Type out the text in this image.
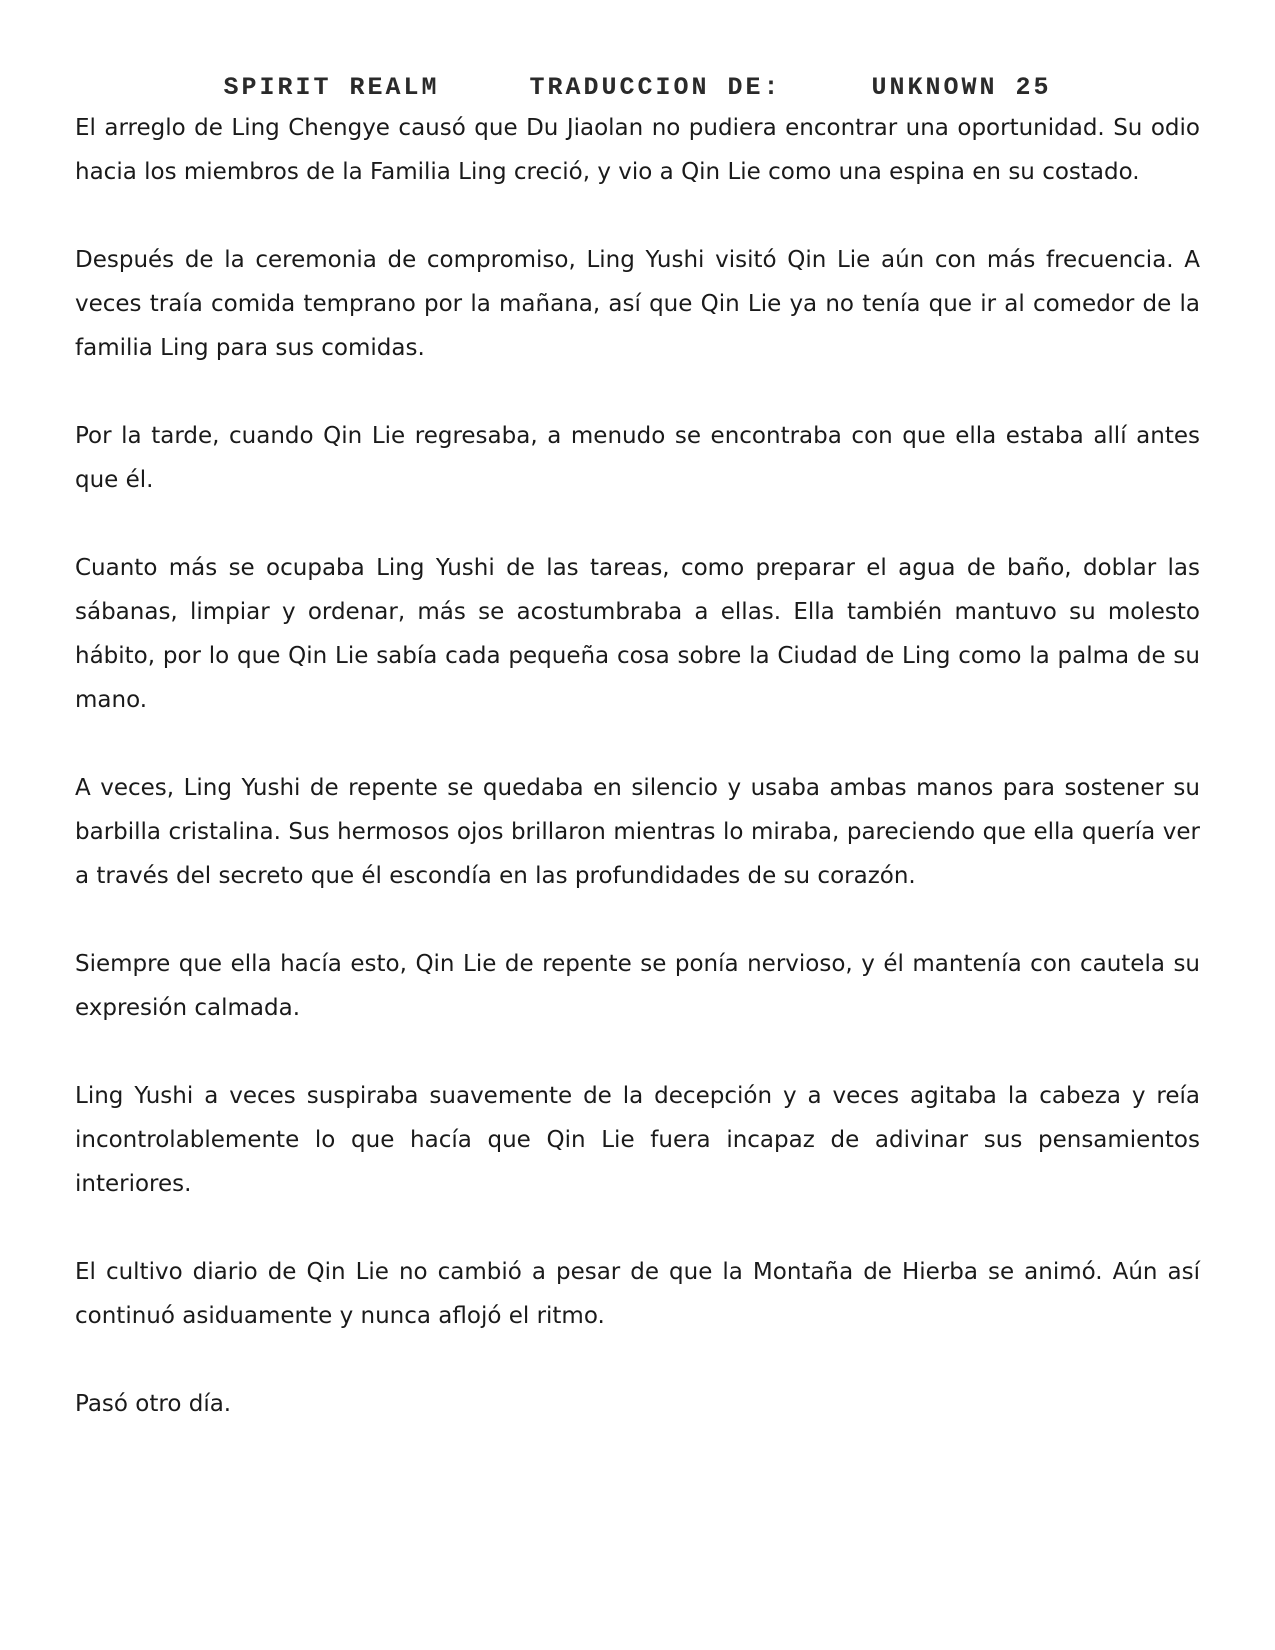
SPIRIT REALM	TRADUCCION DE:	UNKNOWN 25

El arreglo de Ling Chengye causó que Du Jiaolan no pudiera encontrar una oportunidad. Su odio hacia los miembros de la Familia Ling creció, y vio a Qin Lie como una espina en su costado.

Después de la ceremonia de compromiso, Ling Yushi visitó Qin Lie aún con más frecuencia. A veces traía comida temprano por la mañana, así que Qin Lie ya no tenía que ir al comedor de la familia Ling para sus comidas.

Por la tarde, cuando Qin Lie regresaba, a menudo se encontraba con que ella estaba allí antes que él.

Cuanto más se ocupaba Ling Yushi de las tareas, como preparar el agua de baño, doblar las sábanas, limpiar y ordenar, más se acostumbraba a ellas. Ella también mantuvo su molesto hábito, por lo que Qin Lie sabía cada pequeña cosa sobre la Ciudad de Ling como la palma de su mano.

A veces, Ling Yushi de repente se quedaba en silencio y usaba ambas manos para sostener su barbilla cristalina. Sus hermosos ojos brillaron mientras lo miraba, pareciendo que ella quería ver a través del secreto que él escondía en las profundidades de su corazón.

Siempre que ella hacía esto, Qin Lie de repente se ponía nervioso, y él mantenía con cautela su expresión calmada.

Ling Yushi a veces suspiraba suavemente de la decepción y a veces agitaba la cabeza y reía incontrolablemente lo que hacía que Qin Lie fuera incapaz de adivinar sus pensamientos interiores.

El cultivo diario de Qin Lie no cambió a pesar de que la Montaña de Hierba se animó. Aún así continuó asiduamente y nunca aflojó el ritmo.

Pasó otro día.
